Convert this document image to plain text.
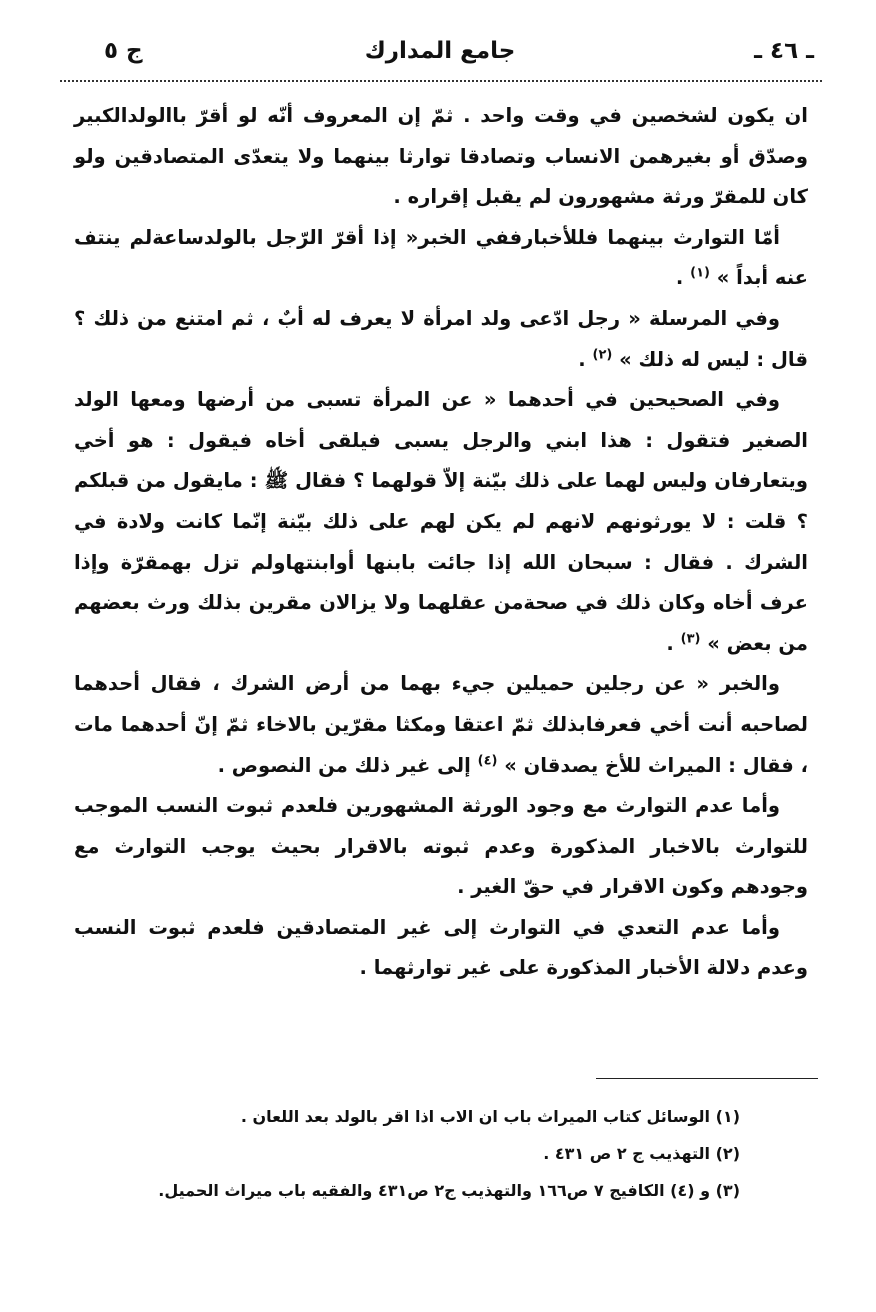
ـ ٤٦ ـ
جامع المدارك
ج ٥

ان يكون لشخصين في وقت واحد . ثمّ إن المعروف أنّه لو أقرّ باالولدالكبير وصدّق أو بغيرهمن الانساب وتصادقا توارثا بينهما ولا يتعدّى المتصادقين ولو كان للمقرّ ورثة مشهورون لم يقبل إقراره .

أمّا التوارث بينهما فللأخبارففي الخبر« إذا أقرّ الرّجل بالولدساعةلم ينتف عنه أبداً » $^{(١)}$ .

وفي المرسلة « رجل ادّعى ولد امرأة لا يعرف له أبٌ ، ثم امتنع من ذلك ؟ قال : ليس له ذلك » $^{(٢)}$ .

وفي الصحيحين في أحدهما « عن المرأة تسبى من أرضها ومعها الولد الصغير فتقول : هذا ابني والرجل يسبى فيلقى أخاه فيقول : هو أخي ويتعارفان وليس لهما على ذلك بيّنة إلاّ قولهما ؟ فقال ﷺ : مايقول من قبلكم ؟ قلت : لا يورثونهم لانهم لم يكن لهم على ذلك بيّنة إنّما كانت ولادة في الشرك . فقال : سبحان الله إذا جائت بابنها أوابنتهاولم تزل بهمقرّة وإذا عرف أخاه وكان ذلك في صحةمن عقلهما ولا يزالان مقرين بذلك ورث بعضهم من بعض » $^{(٣)}$ .

والخبر « عن رجلين حميلين جيء بهما من أرض الشرك ، فقال أحدهما لصاحبه أنت أخي فعرفابذلك ثمّ اعتقا ومكثا مقرّين بالاخاء ثمّ إنّ أحدهما مات ، فقال : الميراث للأخ يصدقان » $^{(٤)}$ إلى غير ذلك من النصوص .

وأما عدم التوارث مع وجود الورثة المشهورين فلعدم ثبوت النسب الموجب للتوارث بالاخبار المذكورة وعدم ثبوته بالاقرار بحيث يوجب التوارث مع وجودهم وكون الاقرار في حقّ الغير .

وأما عدم التعدي في التوارث إلى غير المتصادقين فلعدم ثبوت النسب وعدم دلالة الأخبار المذكورة على غير توارثهما .

(١) الوسائل كتاب الميراث باب ان الاب اذا اقر بالولد بعد اللعان .

(٢) التهذيب ج ٢ ص ٤٣١ .

(٣) و (٤) الكافيج ٧ ص١٦٦ والتهذيب ج٢ ص٤٣١ والفقيه باب ميراث الحميل.
